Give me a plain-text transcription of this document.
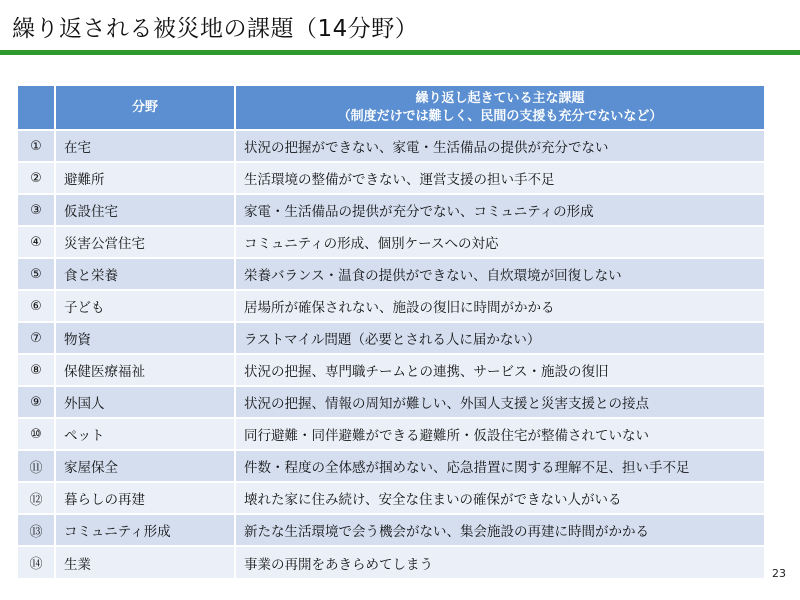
繰り返される被災地の課題（14分野）
	分野	繰り返し起きている主な課題
（制度だけでは難しく、民間の支援も充分でないなど）

①	在宅	状況の把握ができない、家電・生活備品の提供が充分でない
②	避難所	生活環境の整備ができない、運営支援の担い手不足
③	仮設住宅	家電・生活備品の提供が充分でない、コミュニティの形成
④	災害公営住宅	コミュニティの形成、個別ケースへの対応
⑤	食と栄養	栄養バランス・温食の提供ができない、自炊環境が回復しない
⑥	子ども	居場所が確保されない、施設の復旧に時間がかかる
⑦	物資	ラストマイル問題（必要とされる人に届かない）
⑧	保健医療福祉	状況の把握、専門職チームとの連携、サービス・施設の復旧
⑨	外国人	状況の把握、情報の周知が難しい、外国人支援と災害支援との接点
⑩	ペット	同行避難・同伴避難ができる避難所・仮設住宅が整備されていない
⑪	家屋保全	件数・程度の全体感が掴めない、応急措置に関する理解不足、担い手不足
⑫	暮らしの再建	壊れた家に住み続け、安全な住まいの確保ができない人がいる
⑬	コミュニティ形成	新たな生活環境で会う機会がない、集会施設の再建に時間がかかる
⑭	生業	事業の再開をあきらめてしまう
23
